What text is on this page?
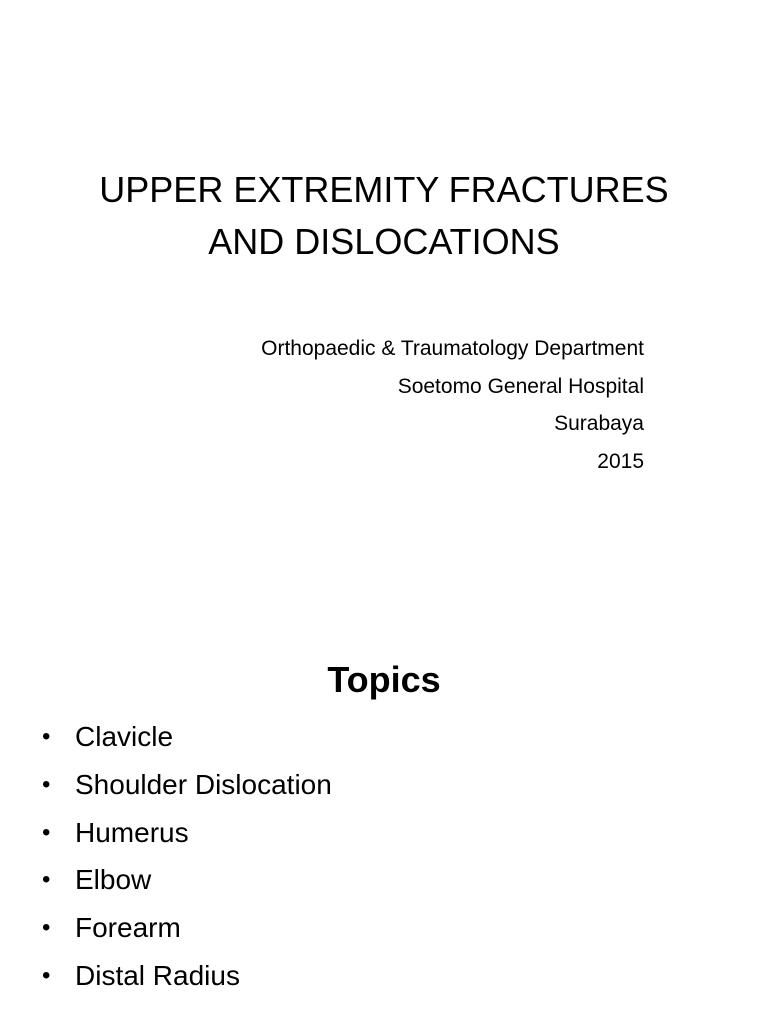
UPPER EXTREMITY FRACTURES
AND DISLOCATIONS
Orthopaedic & Traumatology Department
Soetomo General Hospital
Surabaya
2015
Topics
• Clavicle
• Shoulder Dislocation
• Humerus
• Elbow
• Forearm
• Distal Radius
